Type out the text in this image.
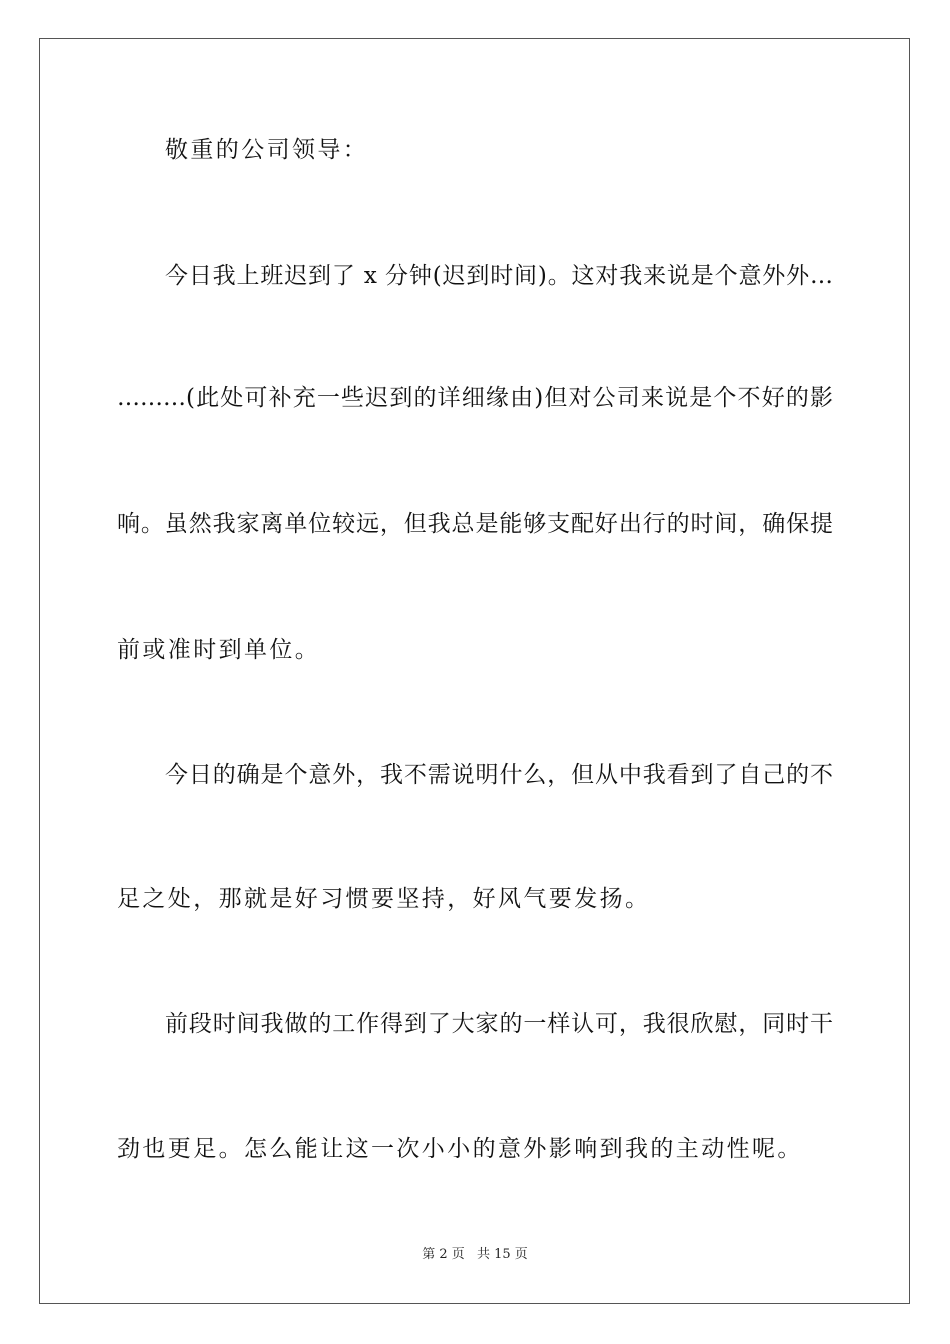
敬重的公司领导：
今日我上班迟到了 x 分钟(迟到时间)。这对我来说是个意外外…
………(此处可补充一些迟到的详细缘由)但对公司来说是个不好的影
响。虽然我家离单位较远，但我总是能够支配好出行的时间，确保提
前或准时到单位。
今日的确是个意外，我不需说明什么，但从中我看到了自己的不
足之处，那就是好习惯要坚持，好风气要发扬。
前段时间我做的工作得到了大家的一样认可，我很欣慰，同时干
劲也更足。怎么能让这一次小小的意外影响到我的主动性呢。
第 2 页 共 15 页
